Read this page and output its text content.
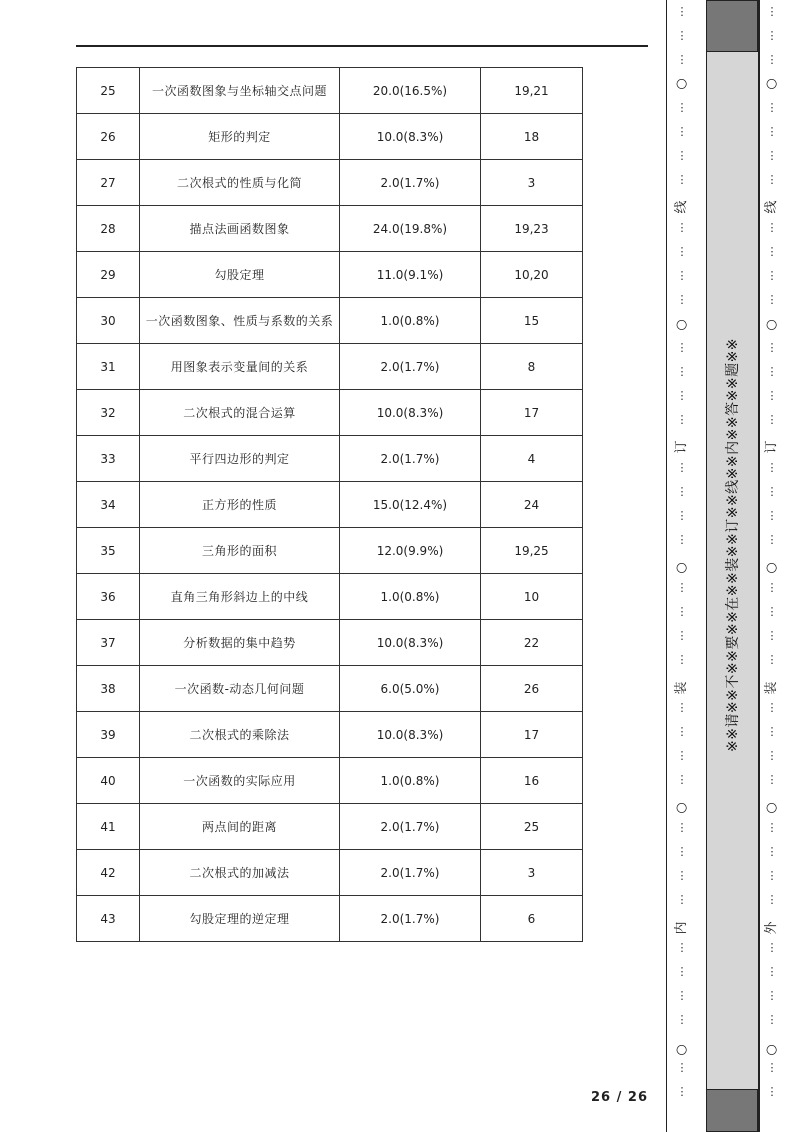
25	一次函数图象与坐标轴交点问题	20.0(16.5%)	19,21
26	矩形的判定	10.0(8.3%)	18
27	二次根式的性质与化简	2.0(1.7%)	3
28	描点法画函数图象	24.0(19.8%)	19,23
29	勾股定理	11.0(9.1%)	10,20
30	一次函数图象、性质与系数的关系	1.0(0.8%)	15
31	用图象表示变量间的关系	2.0(1.7%)	8
32	二次根式的混合运算	10.0(8.3%)	17
33	平行四边形的判定	2.0(1.7%)	4
34	正方形的性质	15.0(12.4%)	24
35	三角形的面积	12.0(9.9%)	19,25
36	直角三角形斜边上的中线	1.0(0.8%)	10
37	分析数据的集中趋势	10.0(8.3%)	22
38	一次函数-动态几何问题	6.0(5.0%)	26
39	二次根式的乘除法	10.0(8.3%)	17
40	一次函数的实际应用	1.0(0.8%)	16
41	两点间的距离	2.0(1.7%)	25
42	二次根式的加减法	2.0(1.7%)	3
43	勾股定理的逆定理	2.0(1.7%)	6
26 / 26
※※请※※不※※要※※在※※装※※订※※线※※内※※答※※题※※
⋮
⋮
⋮
⋮
⋮
⋮
⋮
⋮
⋮
⋮
⋮
⋮
⋮
⋮
⋮
⋮
⋮
⋮
⋮
⋮
⋮
⋮
⋮
⋮
⋮
⋮
⋮
⋮
⋮
⋮
⋮
⋮
⋮
⋮
⋮
⋮
⋮
○
线
○
订
○
装
○
内
○
⋮
⋮
⋮
⋮
⋮
⋮
⋮
⋮
⋮
⋮
⋮
⋮
⋮
⋮
⋮
⋮
⋮
⋮
⋮
⋮
⋮
⋮
⋮
⋮
⋮
⋮
⋮
⋮
⋮
⋮
⋮
⋮
⋮
⋮
⋮
⋮
⋮
○
线
○
订
○
装
○
外
○
